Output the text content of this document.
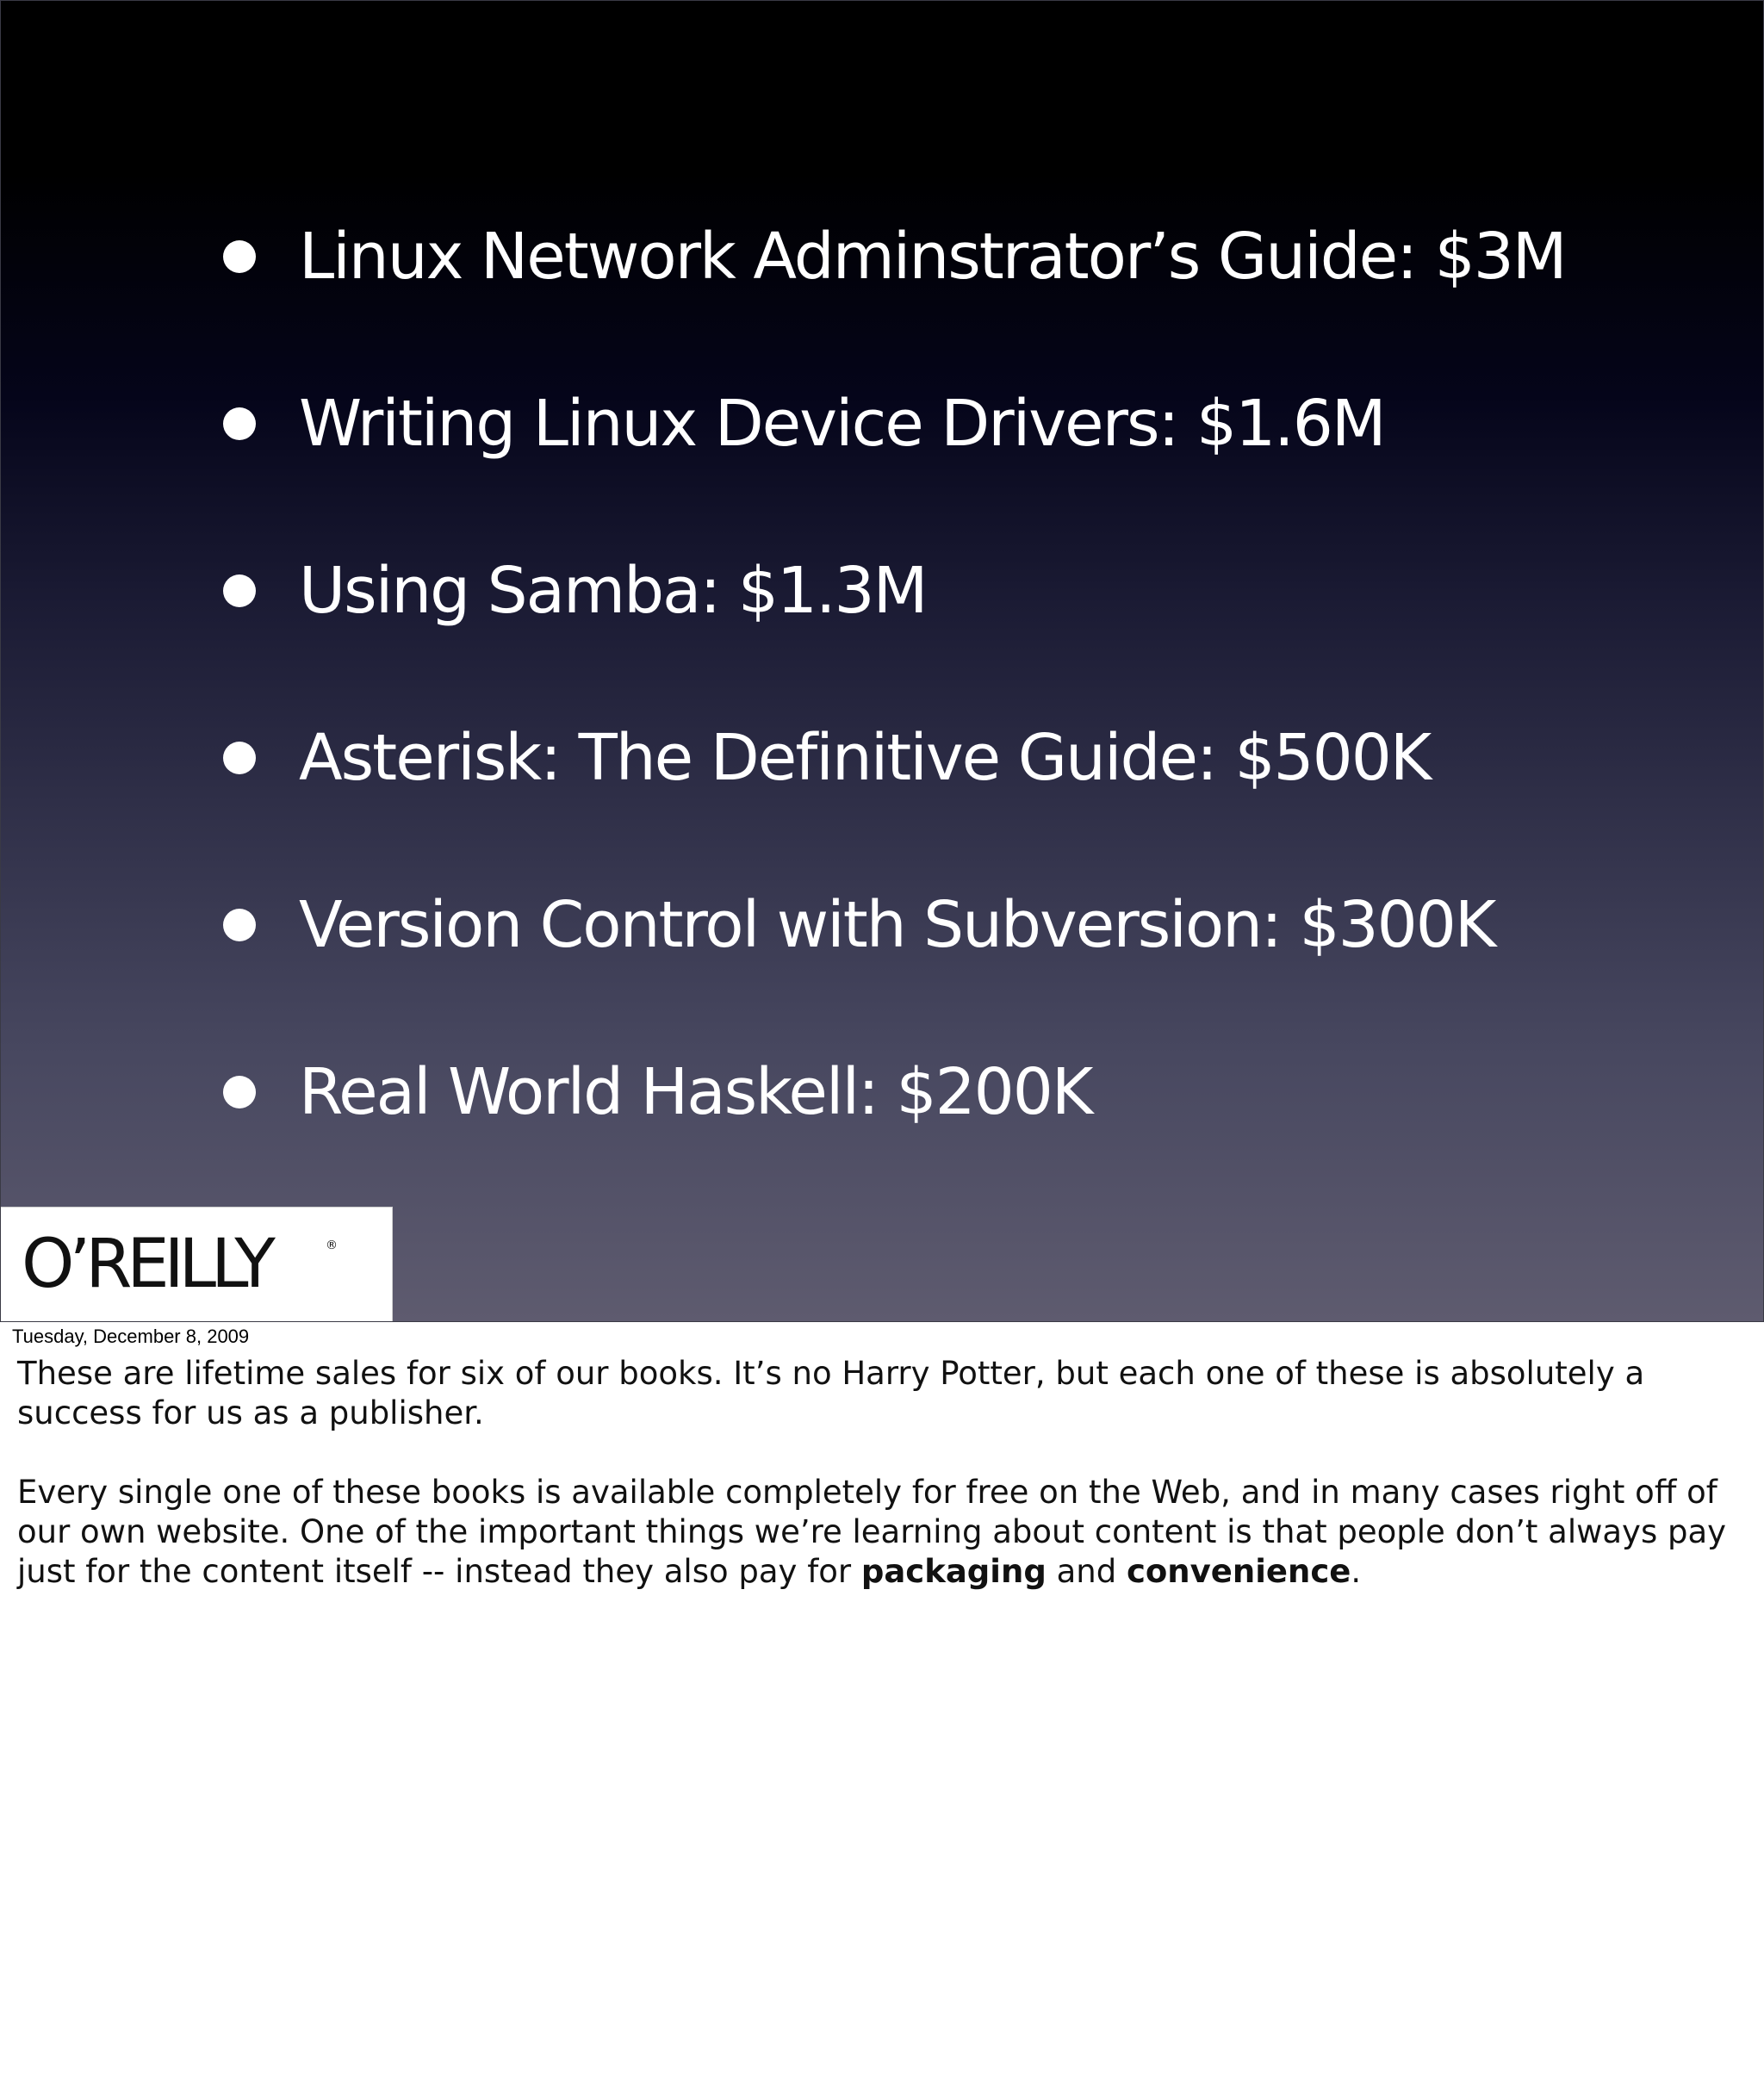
Linux Network Adminstrator’s Guide: $3M
Writing Linux Device Drivers: $1.6M
Using Samba: $1.3M
Asterisk: The Definitive Guide: $500K
Version Control with Subversion: $300K
Real World Haskell: $200K
O’REILLY	®
Tuesday, December 8, 2009

These are lifetime sales for six of our books. It’s no Harry Potter, but each one of these is absolutely a success for us as a publisher.

Every single one of these books is available completely for free on the Web, and in many cases right off of our own website. One of the important things we’re learning about content is that people don’t always pay just for the content itself -- instead they also pay for packaging and convenience.
